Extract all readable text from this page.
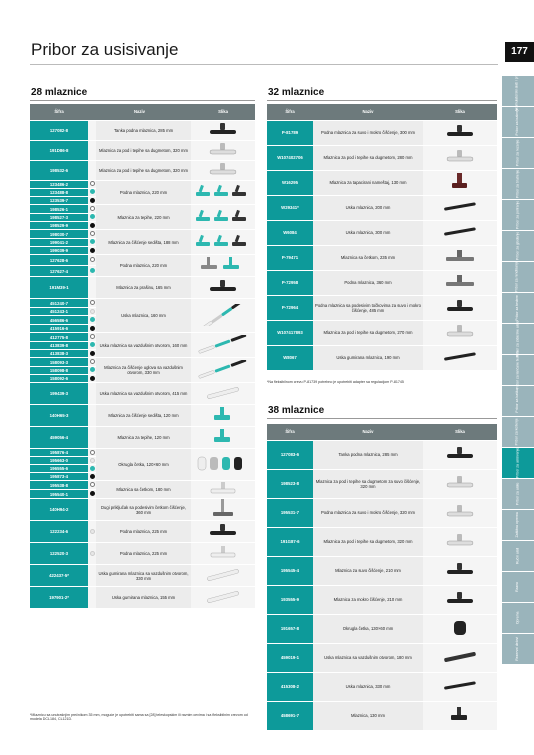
Pribor za usisivanje	177
Akumulatorski alati i pribor
Pribor za bušenje
Pribor za rezanje
Pribor za brušenje
Pribor za poliranje
Pribor za glodanje
Pribor za rendisanje
Pribor za testere
Pribor za zidarske alate
Pribor za lančane testere
Pribor za baštu
Pribor za košenje
Pribor za usisivanje
Pribor za alate
Zaštitna oprema
Ručni alati
Razno
Oprema
Rezervni delovi
28 mlaznice
Šifra	Naziv		Slika
127082-8		Tanka podna mlaznica, 285 mm	
191D86-8		Mlaznica za pod i tepihe sa dugmetom, 320 mm	
198532-6		Mlaznica za pod i tepihe sa dugmetom, 320 mm	
123486-2		Podna mlaznica, 220 mm	
123488-8			
123539-7			
198526-1		Mlaznica za tepihe, 220 mm	
198527-3			
198529-9			
198030-7		Mlaznica za čišćenje sedišta, 188 mm	
199041-2			
199039-9			
127628-6		Podna mlaznica, 220 mm	
127627-4			
191M39-1		Mlaznica za prašinu, 165 mm	
451240-7		Uska mlaznica, 160 mm	
451243-1			
456586-6			
415916-6			
412775-8		Uska mlaznica sa vazdušnim otvorom, 160 mm	
413839-8			
413838-3			
158093-3		Mlaznica za čišćenje uglova sa vazdušnim otvorom, 330 mm	
158098-8			
158092-6			
199439-3		Uska mlaznica sa vazdušnim otvorom, 415 mm	
140H65-3		Mlaznica za čišćenje sedišta, 120 mm	
459056-4		Mlaznica za tepihe, 120 mm	
195876-4		Okrugla četka, 120×60 mm	
195663-0			
196555-6			
195873-4			
195538-8		Mlaznica sa četkom, 180 mm	
195540-1			
140H94-2		Dugi priključak sa podesivim četkom čišćenje, 360 mm	
122234-6		Podna mlaznica, 225 mm	
122520-3		Podna mlaznica, 225 mm	
422437-5*		Uska gumirana mlaznica sa vazdušnim otvorom, 330 mm	
197901-2*		Uska gumirana mlaznica, 155 mm	
*Mlaznicu sa unutrašnjim prečnikom 35 mm, moguće je upotrebiti sama sa [28] teleskopskim ili ravnim cevima i sa fleksibilnim crevom od modela DCL184, CL121D.
32 mlaznice
Šifra	Naziv	Slika
P-81789	Podna mlaznica za suvo i mokro čišćenje, 300 mm	
W107402706	Mlaznica za pod i tepihe sa dugmetom, 280 mm	
W16295	Mlaznica za tapacirani nameštaj, 130 mm	
W29341*	Uska mlaznica, 200 mm	
W6084	Uska mlaznica, 300 mm	
P-79471	Mlaznica sa četkom, 235 mm	
P-72958	Podna mlaznica, 360 mm	
P-72964	Podna mlaznica sa podesivim točkovima za suvo i mokro čišćenje, 485 mm	
W107417893	Mlaznica za pod i tepihe sa dugmetom, 270 mm	
W8067	Uska gumirana mlaznica, 190 mm	
*Na fleksibilnom crevu P-81739 potrebno je upotrebiti adapter sa regulacijom P-81745
38 mlaznice
Šifra	Naziv	Slika
127083-6	Tanka podna mlaznica, 285 mm	
198523-8	Mlaznica za pod i tepihe sa dugmetom za suvo čišćenje, 320 mm	
195531-7	Podna mlaznica za suvo i mokro čišćenje, 320 mm	
191G87-6	Mlaznica za pod i tepihe sa dugmetom, 320 mm	
195545-4	Mlaznica za suvo čišćenje, 210 mm	
193555-9	Mlaznica za mokro čišćenje, 210 mm	
191657-8	Okrugla četka, 130×60 mm	
459019-1	Uska mlaznica sa vazdušnim otvorom, 180 mm	
415308-2	Uska mlaznica, 330 mm	
458691-7	Mlaznica, 130 mm	
